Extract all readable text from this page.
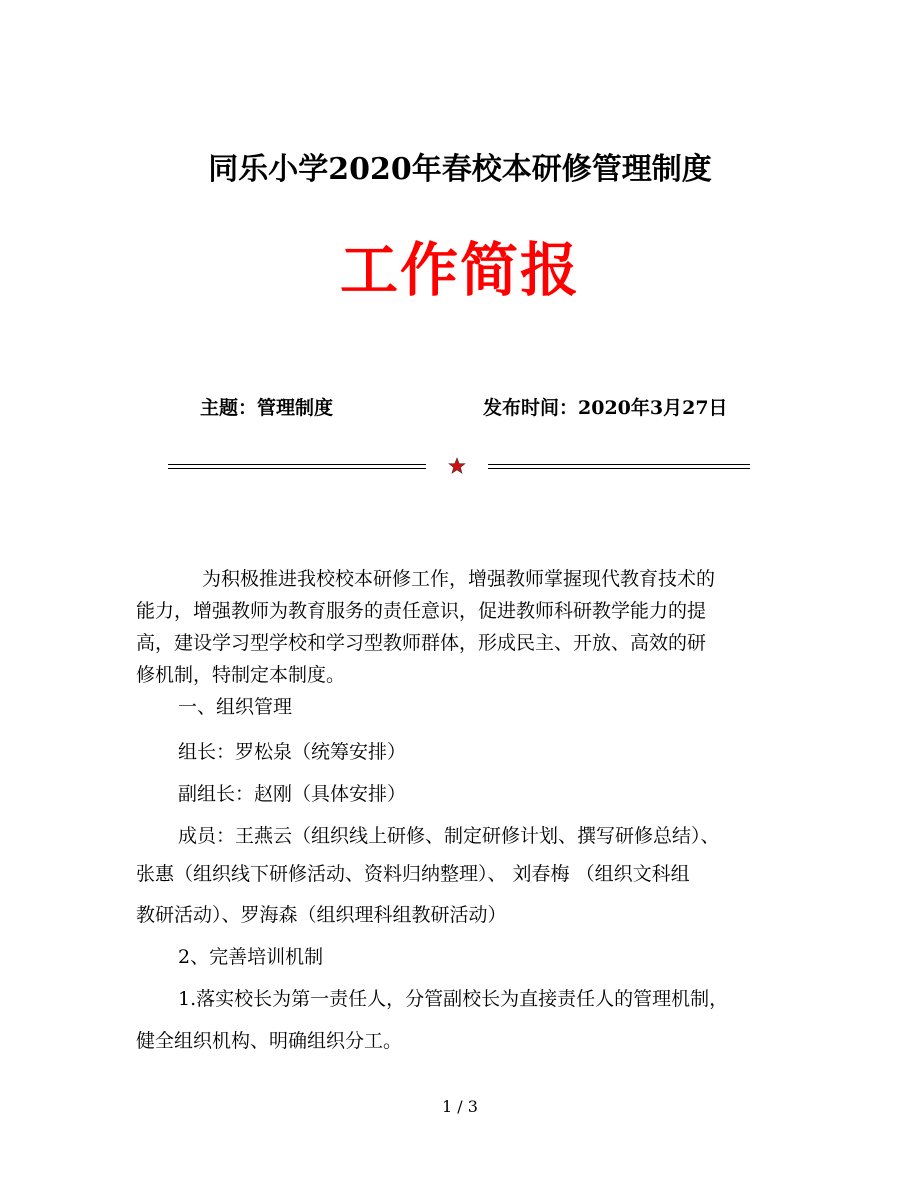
同乐小学2020年春校本研修管理制度
工作简报
主题：管理制度	发布时间：2020年3月27日
为积极推进我校校本研修工作，增强教师掌握现代教育技术的
能力，增强教师为教育服务的责任意识，促进教师科研教学能力的提
高，建设学习型学校和学习型教师群体，形成民主、开放、高效的研
修机制，特制定本制度。
一、组织管理
组长：罗松泉（统筹安排）
副组长：赵刚（具体安排）
成员：王燕云（组织线上研修、制定研修计划、撰写研修总结）、
张惠（组织线下研修活动、资料归纳整理）、 刘春梅 （组织文科组
教研活动）、罗海森（组织理科组教研活动）
2、完善培训机制
1.落实校长为第一责任人，分管副校长为直接责任人的管理机制，
健全组织机构、明确组织分工。
1 / 3
